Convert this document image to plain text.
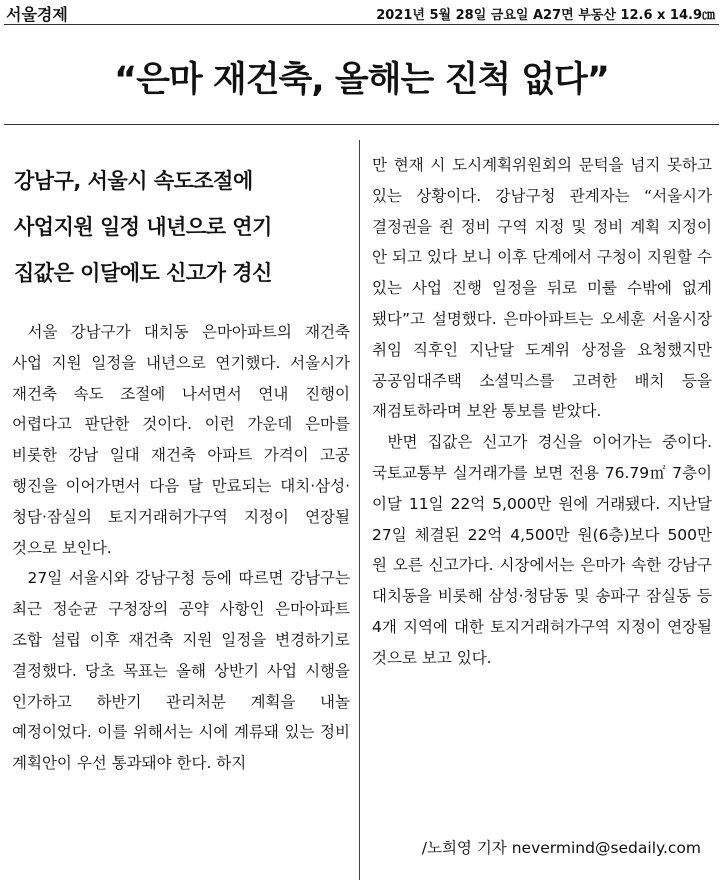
서울경제	2021년 5월 28일 금요일 A27면 부동산 12.6 x 14.9㎝
“은마 재건축, 올해는 진척 없다”
강남구, 서울시 속도조절에
사업지원 일정 내년으로 연기
집값은 이달에도 신고가 경신

서울 강남구가 대치동 은마아파트의 재건축 사업 지원 일정을 내년으로 연기했다. 서울시가 재건축 속도 조절에 나서면서 연내 진행이 어렵다고 판단한 것이다. 이런 가운데 은마를 비롯한 강남 일대 재건축 아파트 가격이 고공 행진을 이어가면서 다음 달 만료되는 대치·삼성·청담·잠실의 토지거래허가구역 지정이 연장될 것으로 보인다.

27일 서울시와 강남구청 등에 따르면 강남구는 최근 정순균 구청장의 공약 사항인 은마아파트 조합 설립 이후 재건축 지원 일정을 변경하기로 결정했다. 당초 목표는 올해 상반기 사업 시행을 인가하고 하반기 관리처분 계획을 내놀 예정이었다. 이를 위해서는 시에 계류돼 있는 정비 계획안이 우선 통과돼야 한다. 하지

만 현재 시 도시계획위원회의 문턱을 넘지 못하고 있는 상황이다. 강남구청 관계자는 “서울시가 결정권을 쥔 정비 구역 지정 및 정비 계획 지정이 안 되고 있다 보니 이후 단계에서 구청이 지원할 수 있는 사업 진행 일정을 뒤로 미룰 수밖에 없게 됐다”고 설명했다. 은마아파트는 오세훈 서울시장 취임 직후인 지난달 도계위 상정을 요청했지만 공공임대주택 소셜믹스를 고려한 배치 등을 재검토하라며 보완 통보를 받았다.

반면 집값은 신고가 경신을 이어가는 중이다. 국토교통부 실거래가를 보면 전용 76.79㎡ 7층이 이달 11일 22억 5,000만 원에 거래됐다. 지난달 27일 체결된 22억 4,500만 원(6층)보다 500만 원 오른 신고가다. 시장에서는 은마가 속한 강남구 대치동을 비롯해 삼성·청담동 및 송파구 잠실동 등 4개 지역에 대한 토지거래허가구역 지정이 연장될 것으로 보고 있다.

/노희영 기자 nevermind@sedaily.com
